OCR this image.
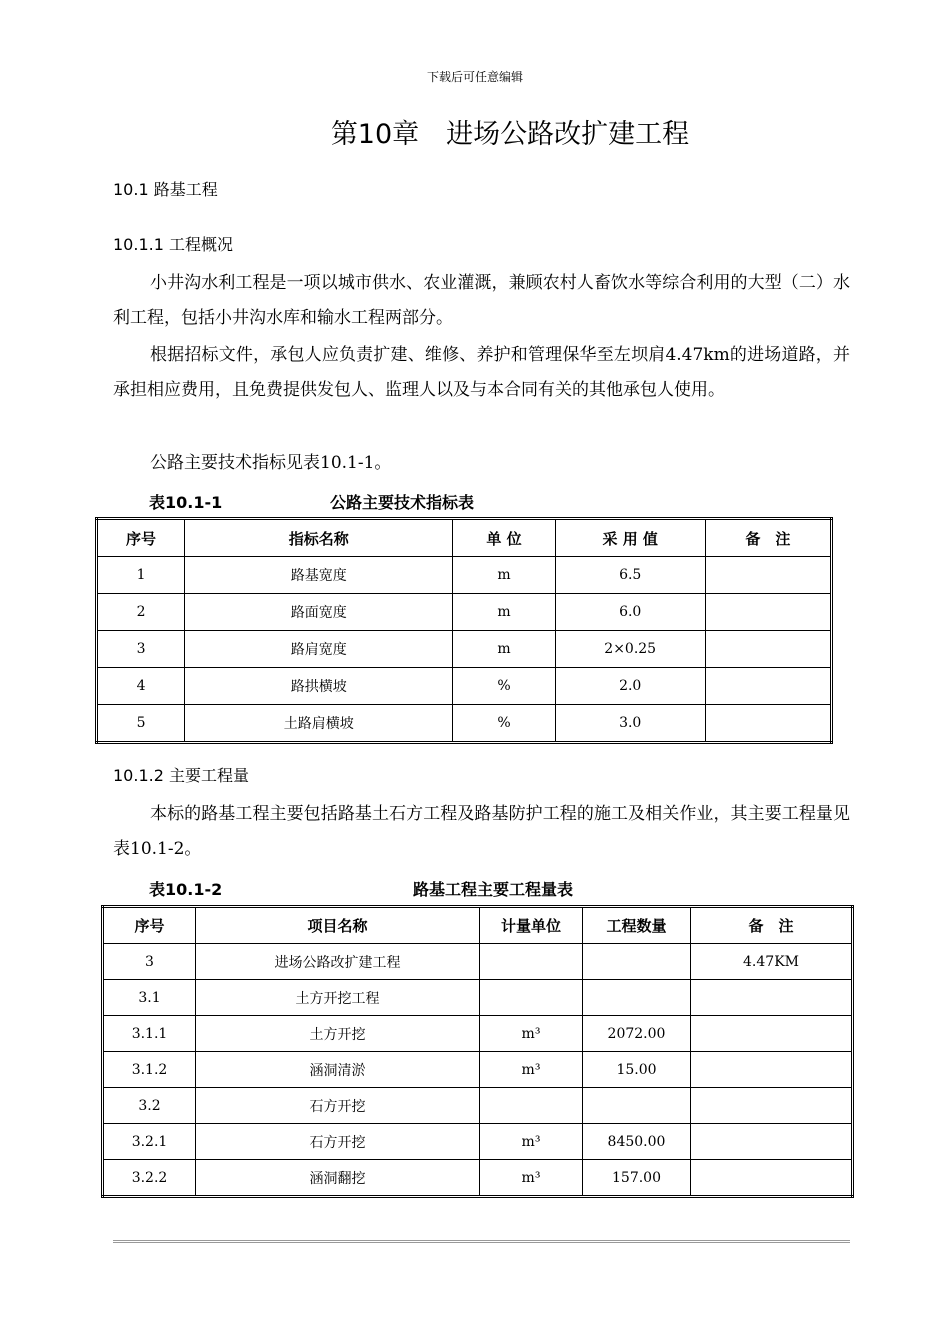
下载后可任意编辑
第10章　进场公路改扩建工程
10.1 路基工程
10.1.1 工程概况
小井沟水利工程是一项以城市供水、农业灌溉，兼顾农村人畜饮水等综合利用的大型（二）水利工程，包括小井沟水库和输水工程两部分。
根据招标文件，承包人应负责扩建、维修、养护和管理保华至左坝肩4.47km的进场道路，并承担相应费用，且免费提供发包人、监理人以及与本合同有关的其他承包人使用。
公路主要技术指标见表10.1-1。
表10.1-1	公路主要技术指标表
序号	指标名称	单 位	采 用 值	备　注
1	路基宽度	m	6.5	
2	路面宽度	m	6.0	
3	路肩宽度	m	2×0.25	
4	路拱横坡	%	2.0	
5	土路肩横坡	%	3.0	
10.1.2 主要工程量
本标的路基工程主要包括路基土石方工程及路基防护工程的施工及相关作业，其主要工程量见表10.1-2。
表10.1-2	路基工程主要工程量表
序号	项目名称	计量单位	工程数量	备　注
3	进场公路改扩建工程			4.47KM
3.1	土方开挖工程			
3.1.1	土方开挖	m³	2072.00	
3.1.2	涵洞清淤	m³	15.00	
3.2	石方开挖			
3.2.1	石方开挖	m³	8450.00	
3.2.2	涵洞翻挖	m³	157.00	
